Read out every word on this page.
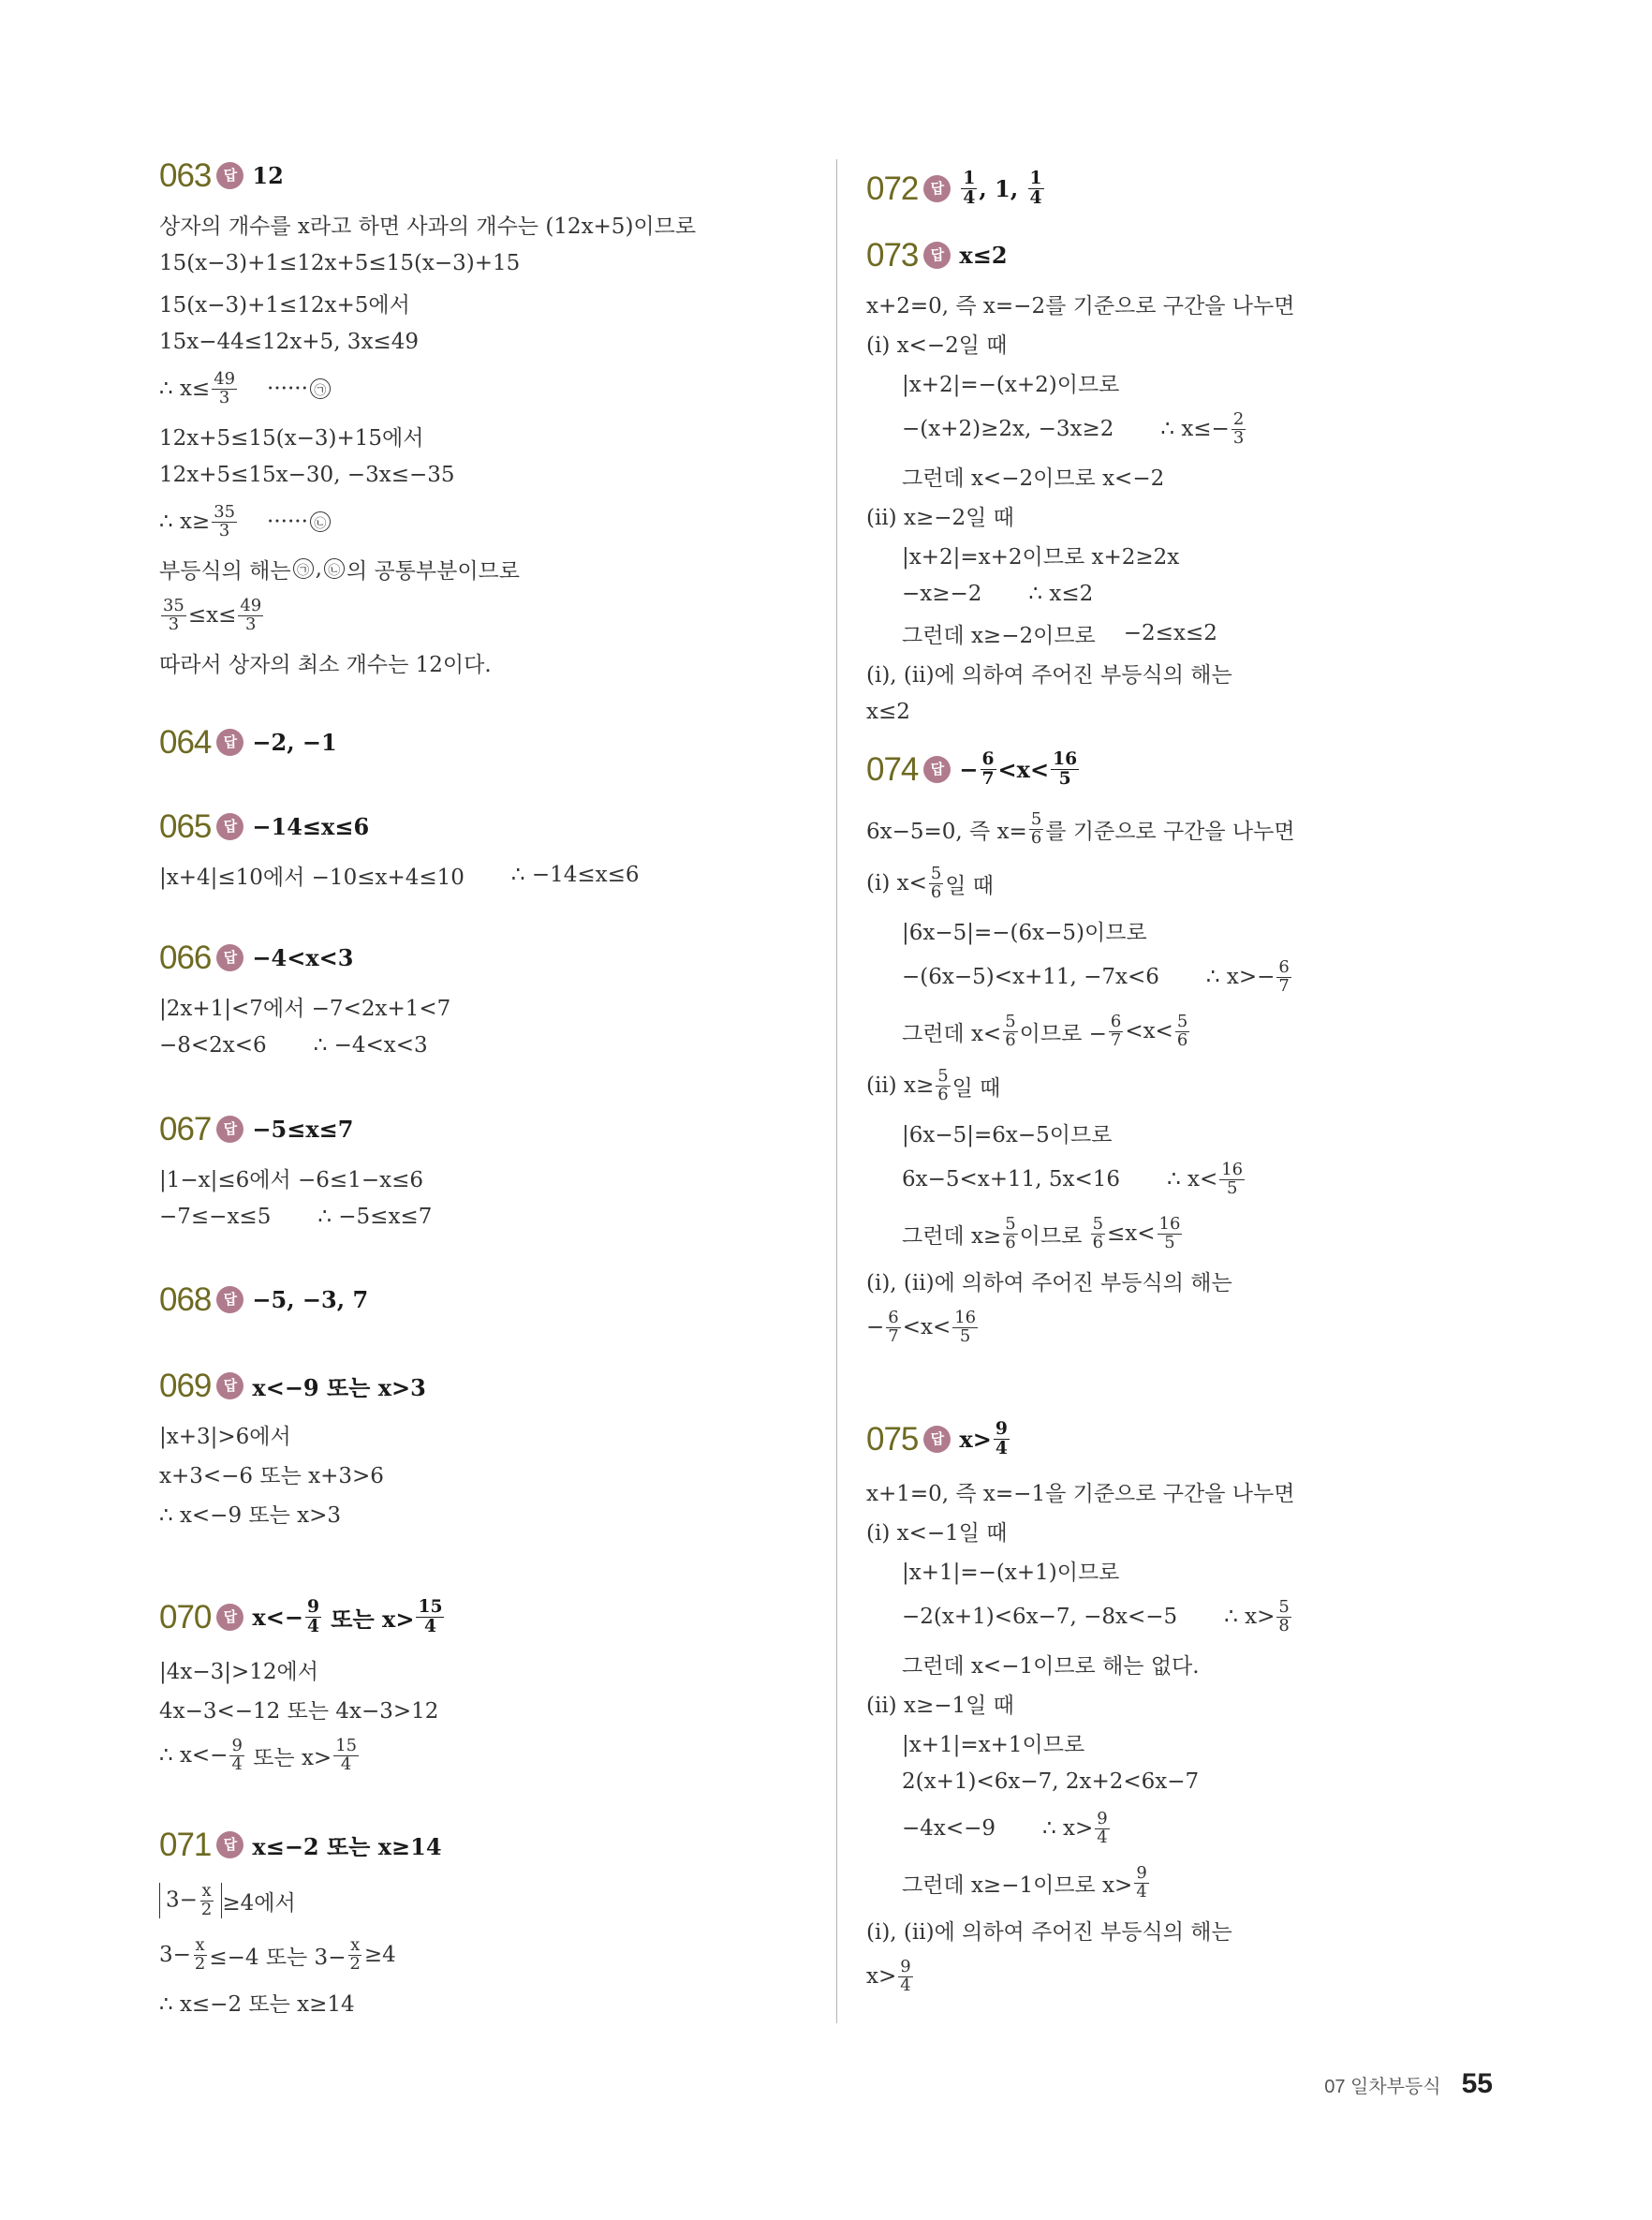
063 답 12
상자의 개수를 x라고 하면 사과의 개수는 (12x+5)이므로
15(x−3)+1≤12x+5≤15(x−3)+15
15(x−3)+1≤12x+5에서
15x−44≤12x+5, 3x≤49
∴ $x\le \frac{49}{3}$ ······ ㉠
12x+5≤15(x−3)+15에서
12x+5≤15x−30, −3x≤−35
∴ $x\ge \frac{35}{3}$ ······ ㉡
부등식의 해는 ㉠ , ㉡ 의 공통부분이므로
$\frac{35}{3} \le x\le \frac{49}{3}$
따라서 상자의 최소 개수는 12이다.
064 답 −2, −1
065 답 −14≤x≤6
|x+4|≤10에서 −10≤x+4≤10 ∴ −14≤x≤6
066 답 −4<x<3
|2x+1|<7에서 −7<2x+1<7
−8<2x<6 ∴ −4<x<3
067 답 −5≤x≤7
|1−x|≤6에서 −6≤1−x≤6
−7≤−x≤5 ∴ −5≤x≤7
068 답 −5, −3, 7
069 답 x<−9 또는 x>3
|x+3|>6에서
x+3<−6 또는 x+3>6
∴ x<−9 또는 x>3
070 답 $x<- \frac{9}{4}$ 또는 $x> \frac{15}{4}$
|4x−3|>12에서
4x−3<−12 또는 4x−3>12
∴ $x<- \frac{9}{4}$ 또는 $x> \frac{15}{4}$
071 답 x≤−2 또는 x≥14
$3- \frac{x}{2} \ge 4$에서
$3- \frac{x}{2} \le-4$ 또는 $3- \frac{x}{2} \ge 4$
∴ x≤−2 또는 x≥14
072 답 $\frac{1}{4}$ , 1, $\frac{1}{4}$
073 답 x≤2
x+2=0, 즉 x=−2를 기준으로 구간을 나누면
(ⅰ) x<−2일 때
|x+2|=−(x+2)이므로
−(x+2)≥2x, −3x≥2 ∴ $x\le- \frac{2}{3}$
그런데 x<−2이므로 x<−2
(ⅱ) x≥−2일 때
|x+2|=x+2이므로 x+2≥2x
−x≥−2 ∴ x≤2
그런데 x≥−2이므로 −2≤x≤2
(ⅰ), (ⅱ)에 의하여 주어진 부등식의 해는
x≤2
074 답 − $\frac{6}{7} <x< \frac{16}{5}$
6x−5=0, 즉 $x= \frac{5}{6}$ 를 기준으로 구간을 나누면
(ⅰ) $x< \frac{5}{6}$ 일 때
|6x−5|=−(6x−5)이므로
−(6x−5)<x+11, −7x<6 ∴ $x>- \frac{6}{7}$
그런데 $x< \frac{5}{6}$ 이므로 − $\frac{6}{7} <x< \frac{5}{6}$
(ⅱ) $x\ge \frac{5}{6}$ 일 때
|6x−5|=6x−5이므로
6x−5<x+11, 5x<16 ∴ $x< \frac{16}{5}$
그런데 $x\ge \frac{5}{6}$ 이므로 $\frac{5}{6} \le x< \frac{16}{5}$
(ⅰ), (ⅱ)에 의하여 주어진 부등식의 해는
− $\frac{6}{7} <x< \frac{16}{5}$
075 답 $x> \frac{9}{4}$
x+1=0, 즉 x=−1을 기준으로 구간을 나누면
(ⅰ) x<−1일 때
|x+1|=−(x+1)이므로
−2(x+1)<6x−7, −8x<−5 ∴ $x> \frac{5}{8}$
그런데 x<−1이므로 해는 없다.
(ⅱ) x≥−1일 때
|x+1|=x+1이므로
2(x+1)<6x−7, 2x+2<6x−7
−4x<−9 ∴ $x> \frac{9}{4}$
그런데 x≥−1이므로 $x> \frac{9}{4}$
(ⅰ), (ⅱ)에 의하여 주어진 부등식의 해는
$x> \frac{9}{4}$
07 일차부등식 55
